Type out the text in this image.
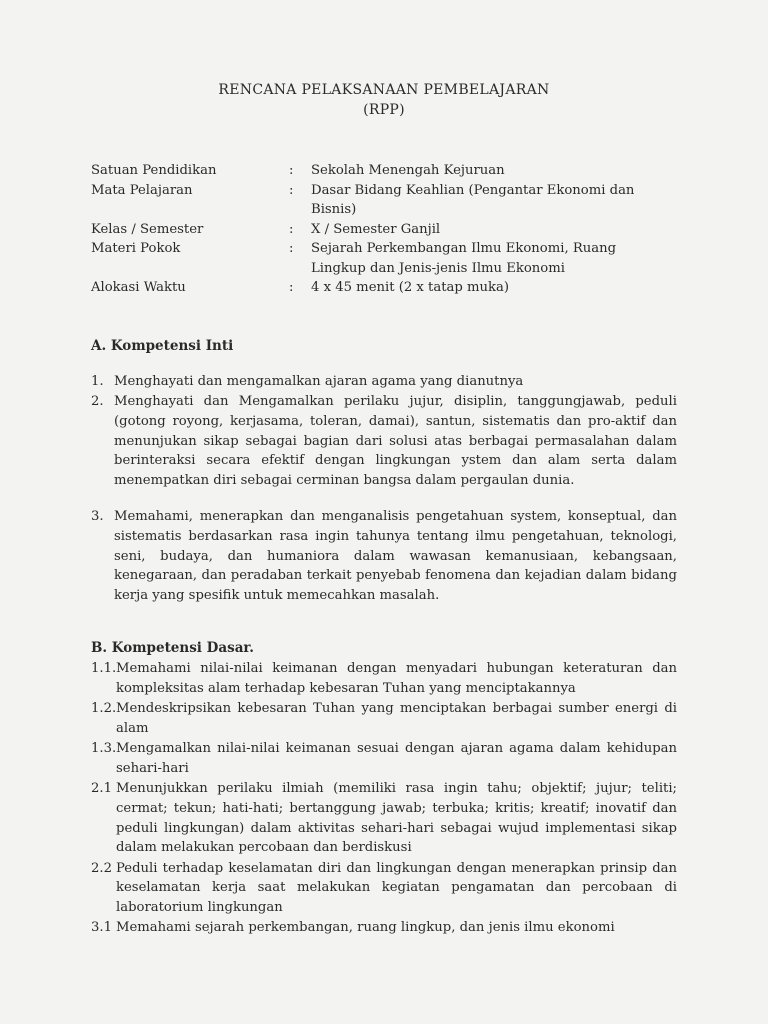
RENCANA PELAKSANAAN PEMBELAJARAN
(RPP)
Satuan Pendidikan	:	Sekolah Menengah Kejuruan
Mata Pelajaran	:	Dasar Bidang Keahlian (Pengantar Ekonomi dan Bisnis)
Kelas / Semester	:	X / Semester Ganjil
Materi Pokok	:	Sejarah Perkembangan Ilmu Ekonomi, Ruang Lingkup dan Jenis-jenis Ilmu Ekonomi
Alokasi Waktu	:	4 x 45 menit (2 x tatap muka)
A. Kompetensi Inti
1. Menghayati dan mengamalkan ajaran agama yang dianutnya
2. Menghayati dan Mengamalkan perilaku jujur, disiplin, tanggungjawab, peduli (gotong royong, kerjasama, toleran, damai), santun, sistematis dan pro-aktif dan menunjukan sikap sebagai bagian dari solusi atas berbagai permasalahan dalam berinteraksi secara efektif dengan lingkungan ystem dan alam serta dalam menempatkan diri sebagai cerminan bangsa dalam pergaulan dunia.
3. Memahami, menerapkan dan menganalisis pengetahuan system, konseptual, dan sistematis berdasarkan rasa ingin tahunya tentang ilmu pengetahuan, teknologi, seni, budaya, dan humaniora dalam wawasan kemanusiaan, kebangsaan, kenegaraan, dan peradaban terkait penyebab fenomena dan kejadian dalam bidang kerja yang spesifik untuk memecahkan masalah.
B. Kompetensi Dasar.
1.1. Memahami nilai-nilai keimanan dengan menyadari hubungan keteraturan dan kompleksitas alam terhadap kebesaran Tuhan yang menciptakannya
1.2. Mendeskripsikan kebesaran Tuhan yang menciptakan berbagai sumber energi di alam
1.3. Mengamalkan nilai-nilai keimanan sesuai dengan ajaran agama dalam kehidupan sehari-hari
2.1 Menunjukkan perilaku ilmiah (memiliki rasa ingin tahu; objektif; jujur; teliti; cermat; tekun; hati-hati; bertanggung jawab; terbuka; kritis; kreatif; inovatif dan peduli lingkungan) dalam aktivitas sehari-hari sebagai wujud implementasi sikap dalam melakukan percobaan dan berdiskusi
2.2 Peduli terhadap keselamatan diri dan lingkungan dengan menerapkan prinsip dan keselamatan kerja saat melakukan kegiatan pengamatan dan percobaan di laboratorium lingkungan
3.1 Memahami sejarah perkembangan, ruang lingkup, dan jenis ilmu ekonomi
